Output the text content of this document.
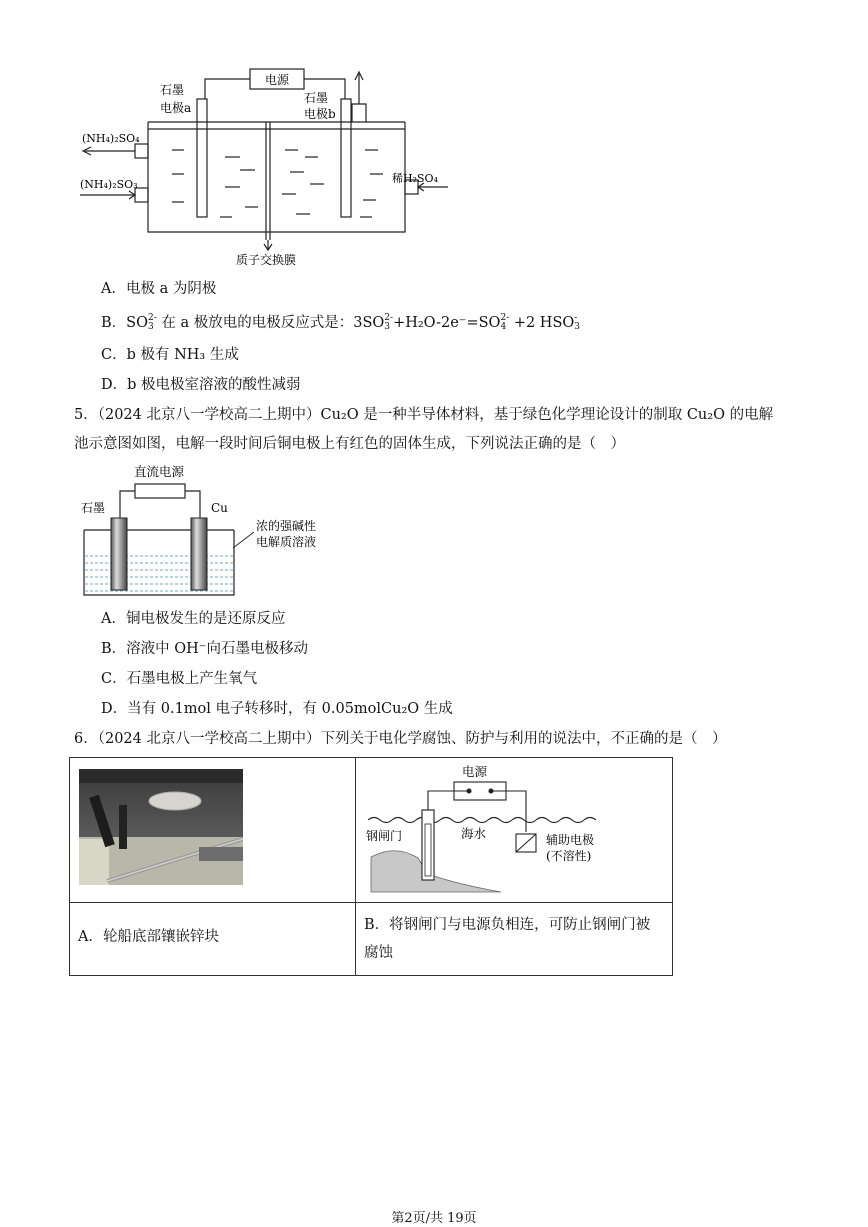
电源
石墨
电极a
石墨
电极b
(NH₄)₂SO₄
(NH₄)₂SO₃	稀H₂SO₄
质子交换膜
A．电极 a 为阴极
B．SO2-
3 在 a 极放电的电极反应式是：3SO2-
3 +H₂O-2e⁻=SO2-
4 +2 HSO-
3
C．b 极有 NH₃ 生成
D．b 极电极室溶液的酸性减弱
5．（2024 北京八一学校高二上期中）Cu₂O 是一种半导体材料，基于绿色化学理论设计的制取 Cu₂O 的电解
池示意图如图，电解一段时间后铜电极上有红色的固体生成，下列说法正确的是（　）
直流电源
石墨	Cu
浓的强碱性
电解质溶液
A．铜电极发生的是还原反应
B．溶液中 OH⁻向石墨电极移动
C．石墨电极上产生氧气
D．当有 0.1mol 电子转移时，有 0.05molCu₂O 生成
6．（2024 北京八一学校高二上期中）下列关于电化学腐蚀、防护与利用的说法中，不正确的是（　）

电源
钢闸门 海水 辅助电极
(不溶性)

A．轮船底部镶嵌锌块	B．将钢闸门与电源负相连，可防止钢闸门被腐蚀
第2页/共 19页
